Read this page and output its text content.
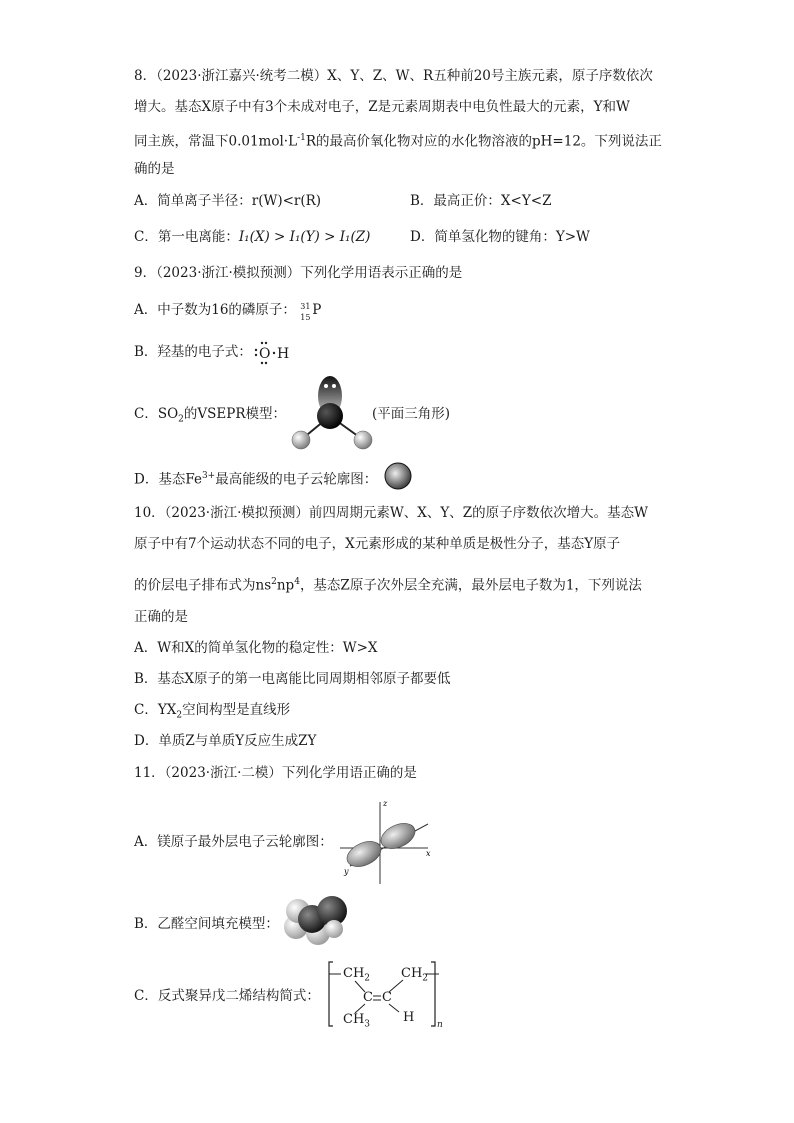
8．（2023·浙江嘉兴·统考二模）X、Y、Z、W、R五种前20号主族元素，原子序数依次
增大。基态X原子中有3个未成对电子，Z是元素周期表中电负性最大的元素，Y和W
同主族，常温下$0.01mol\cdot L^{-1}R$的最高价氧化物对应的水化物溶液的pH=12。下列说法正
确的是
A．简单离子半径：r(W)<r(R)	B．最高正价：X<Y<Z
C．第一电离能：I₁(X) > I₁(Y) > I₁(Z)	D．简单氢化物的键角：Y>W
9．（2023·浙江·模拟预测）下列化学用语表示正确的是
A．中子数为16的磷原子： 31
15 P
B．羟基的电子式： O H
C．$SO_2$的VSEPR模型：	(平面三角形)
D．基态$Fe^{3+}$最高能级的电子云轮廓图：
10．（2023·浙江·模拟预测）前四周期元素W、X、Y、Z的原子序数依次增大。基态W
原子中有7个运动状态不同的电子，X元素形成的某种单质是极性分子，基态Y原子
的价层电子排布式为$ns^2np^4$，基态Z原子次外层全充满，最外层电子数为1，下列说法
正确的是
A．W和X的简单氢化物的稳定性：W>X
B．基态X原子的第一电离能比同周期相邻原子都要低
C．$YX_2$空间构型是直线形
D．单质Z与单质Y反应生成ZY
11．（2023·浙江·二模）下列化学用语正确的是
A．镁原子最外层电子云轮廓图：
z
x
y
B．乙醛空间填充模型：
C．反式聚异戊二烯结构简式：
$CH_2$ $CH_2$
C C
$CH_3$	H	n
